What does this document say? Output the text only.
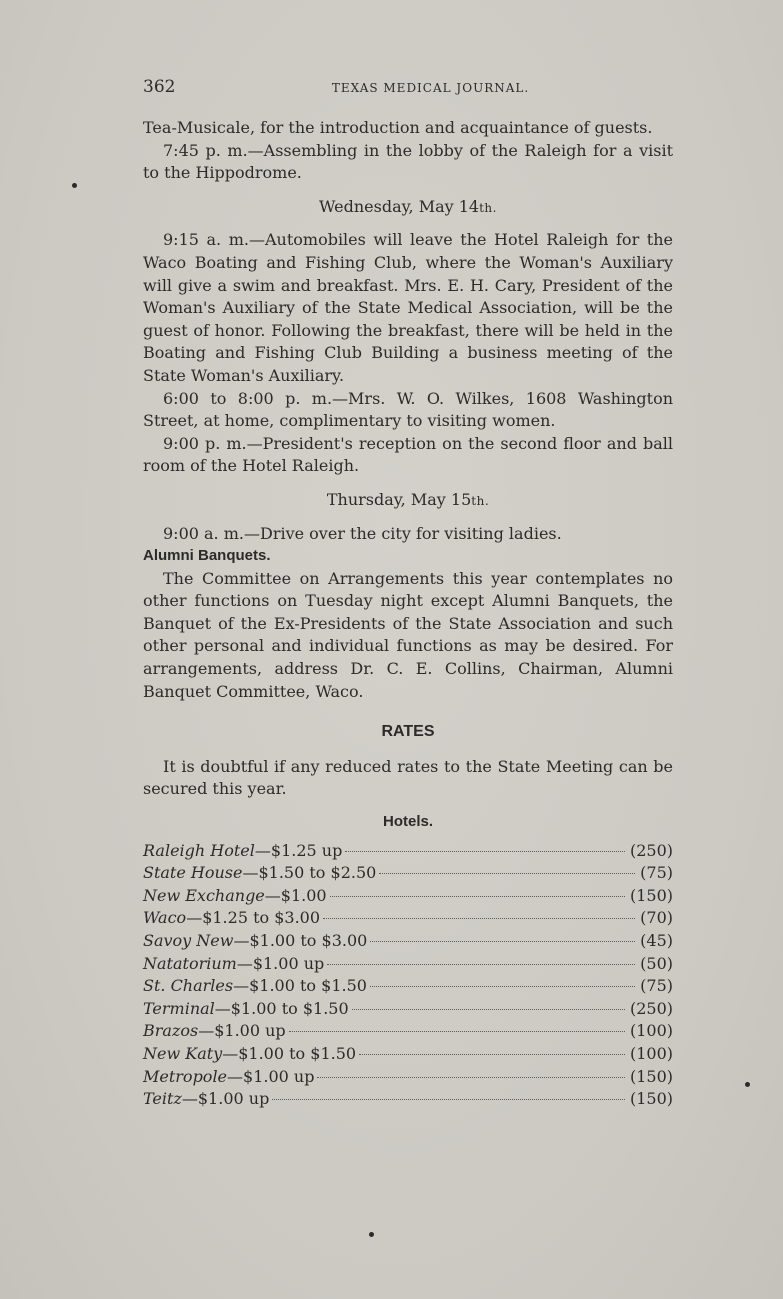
362	TEXAS MEDICAL JOURNAL.

Tea-Musicale, for the introduction and acquaintance of guests.

7:45 p. m.—Assembling in the lobby of the Raleigh for a visit to the Hippodrome.

Wednesday, May 14th.

9:15 a. m.—Automobiles will leave the Hotel Raleigh for the Waco Boating and Fishing Club, where the Woman's Auxiliary will give a swim and breakfast. Mrs. E. H. Cary, President of the Woman's Auxiliary of the State Medical Association, will be the guest of honor. Following the breakfast, there will be held in the Boating and Fishing Club Building a business meeting of the State Woman's Auxiliary.

6:00 to 8:00 p. m.—Mrs. W. O. Wilkes, 1608 Washington Street, at home, complimentary to visiting women.

9:00 p. m.—President's reception on the second floor and ball room of the Hotel Raleigh.

Thursday, May 15th.

9:00 a. m.—Drive over the city for visiting ladies.

Alumni Banquets.

The Committee on Arrangements this year contemplates no other functions on Tuesday night except Alumni Banquets, the Banquet of the Ex-Presidents of the State Association and such other personal and individual functions as may be desired. For arrangements, address Dr. C. E. Collins, Chairman, Alumni Banquet Committee, Waco.

RATES

It is doubtful if any reduced rates to the State Meeting can be secured this year.

Hotels.
Raleigh Hotel —$1.25 up	(250)
State House —$1.50 to $2.50	(75)
New Exchange —$1.00	(150)
Waco —$1.25 to $3.00	(70)
Savoy New —$1.00 to $3.00	(45)
Natatorium —$1.00 up	(50)
St. Charles —$1.00 to $1.50	(75)
Terminal —$1.00 to $1.50	(250)
Brazos —$1.00 up	(100)
New Katy —$1.00 to $1.50	(100)
Metropole —$1.00 up	(150)
Teitz —$1.00 up	(150)
